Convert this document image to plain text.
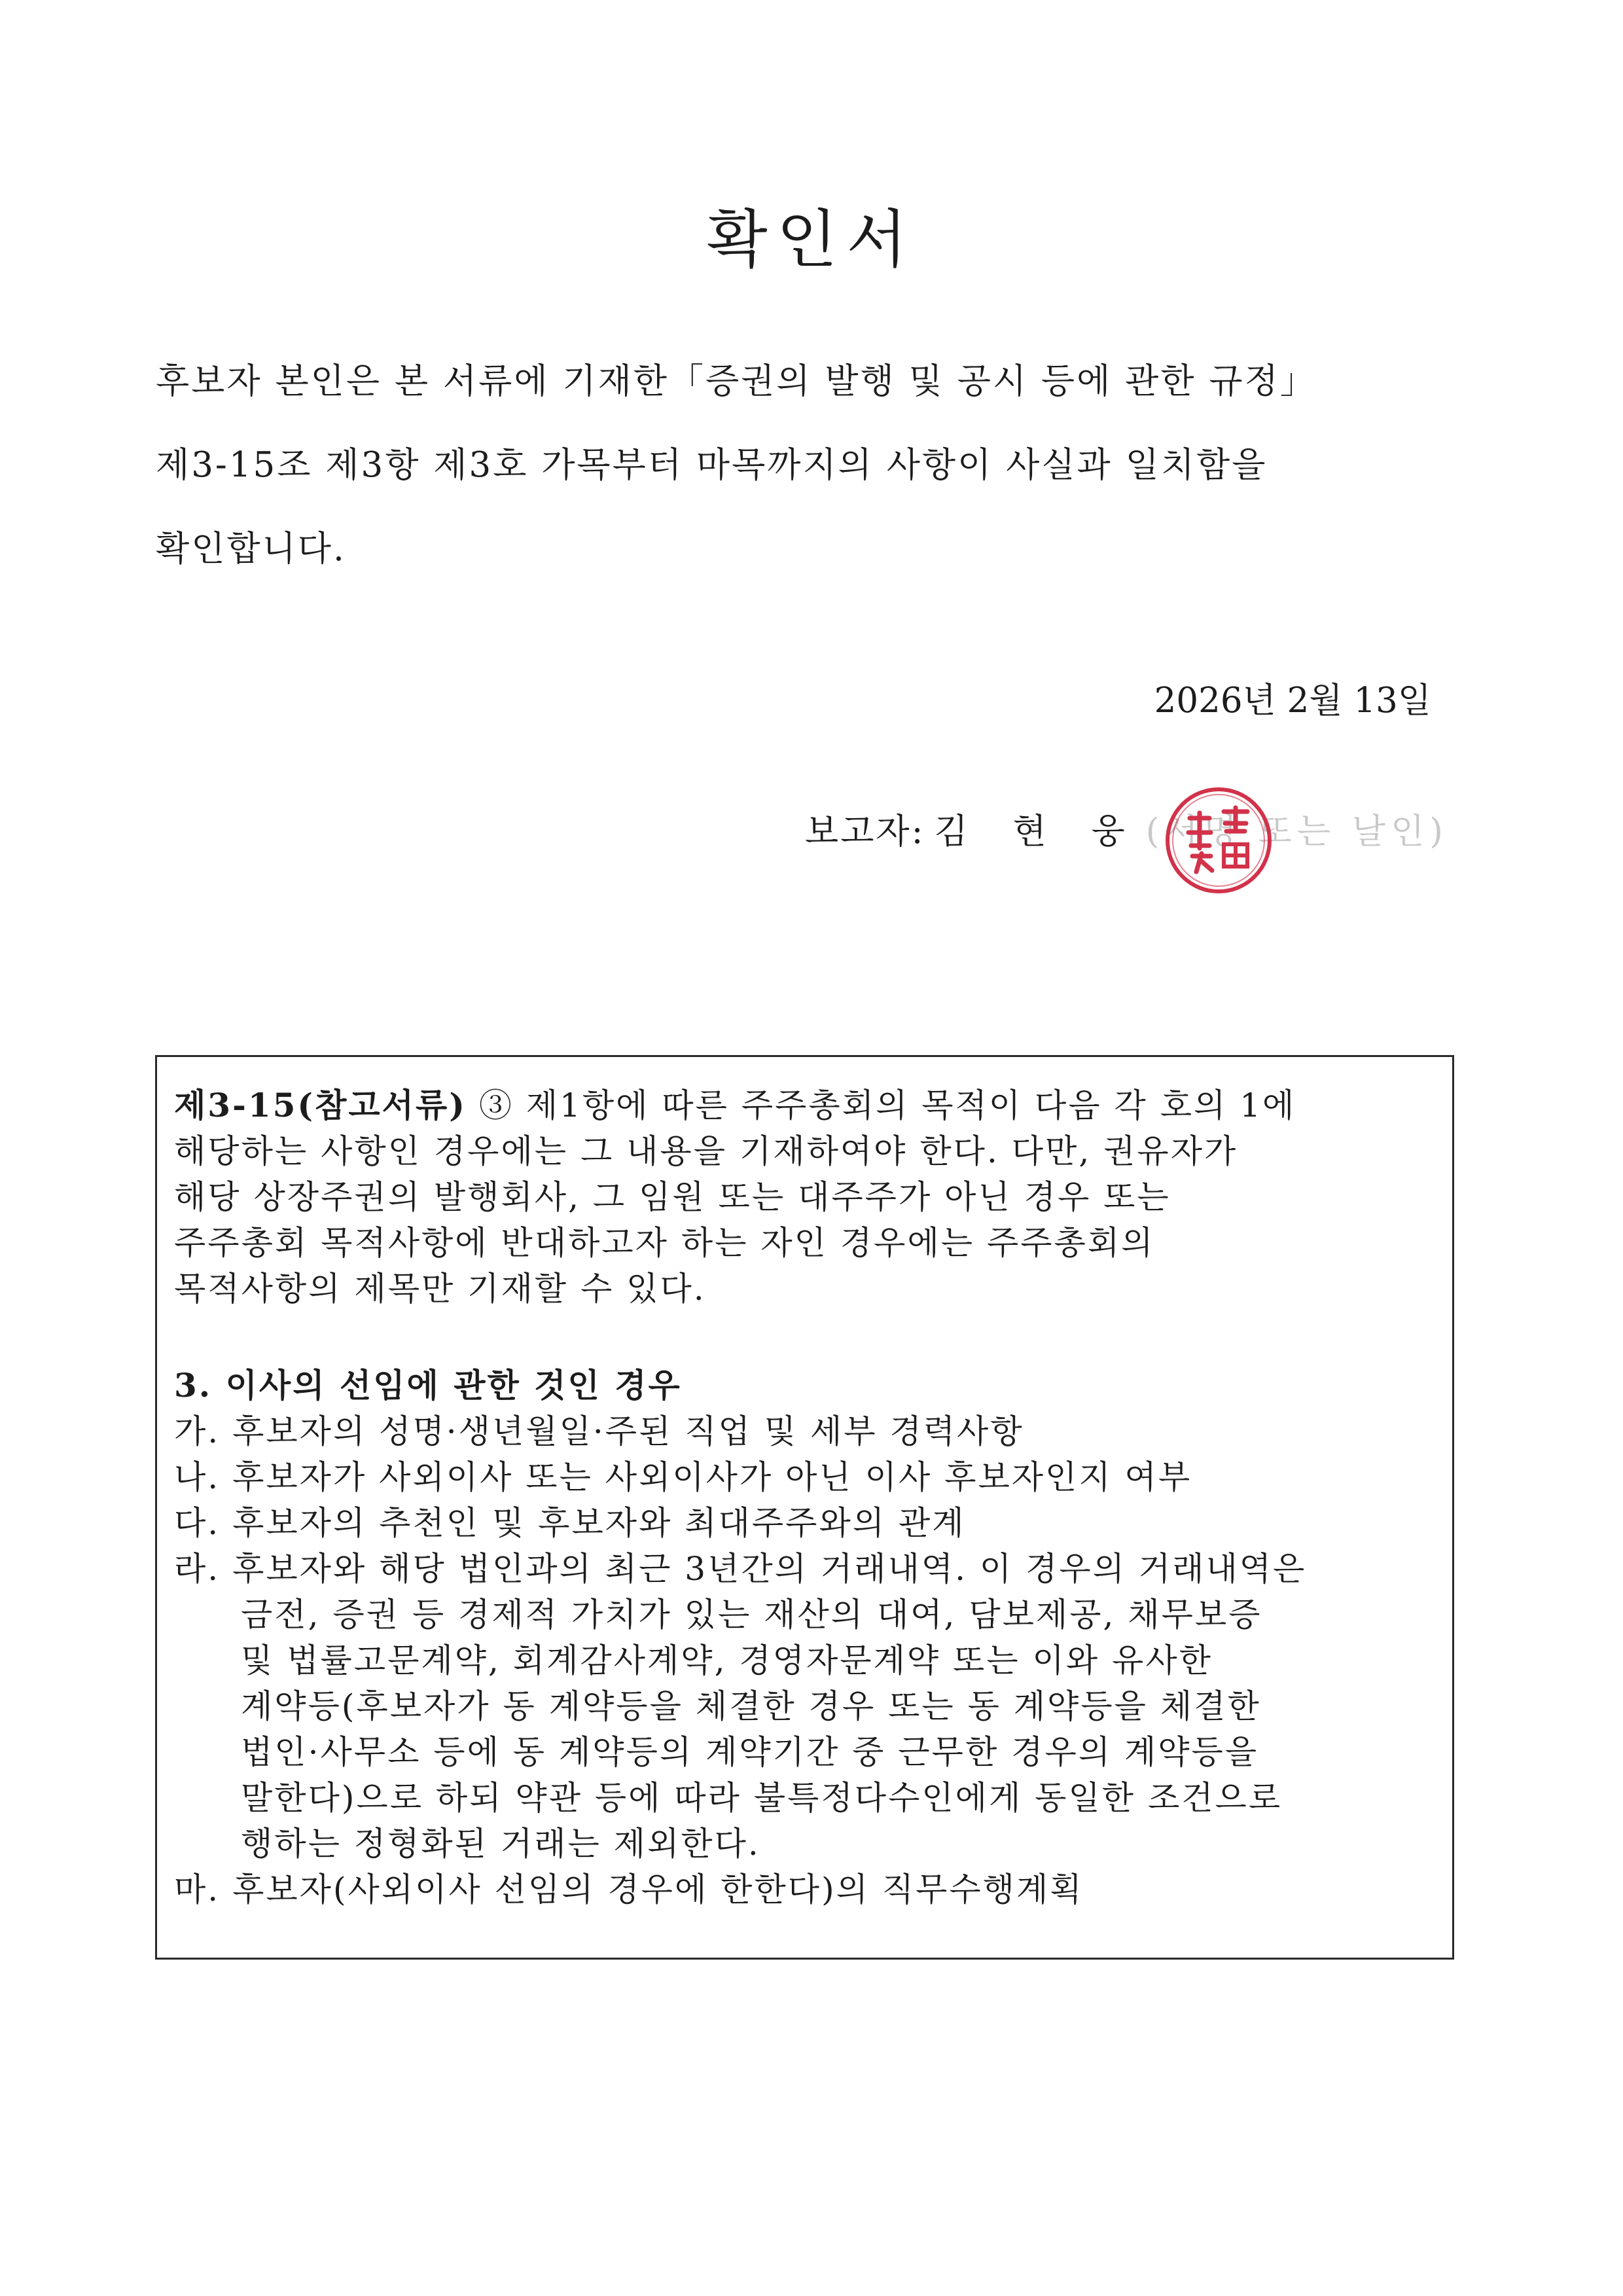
확인서
후보자 본인은 본 서류에 기재한「증권의 발행 및 공시 등에 관한 규정」
제3-15조 제3항 제3호 가목부터 마목까지의 사항이 사실과 일치함을
확인합니다.
2026년 2월 13일
보고자: 김 현 웅 (서명 또는 날인)
제3-15(참고서류) ③ 제1항에 따른 주주총회의 목적이 다음 각 호의 1에
해당하는 사항인 경우에는 그 내용을 기재하여야 한다. 다만, 권유자가
해당 상장주권의 발행회사, 그 임원 또는 대주주가 아닌 경우 또는
주주총회 목적사항에 반대하고자 하는 자인 경우에는 주주총회의
목적사항의 제목만 기재할 수 있다.
3. 이사의 선임에 관한 것인 경우
가. 후보자의 성명·생년월일·주된 직업 및 세부 경력사항
나. 후보자가 사외이사 또는 사외이사가 아닌 이사 후보자인지 여부
다. 후보자의 추천인 및 후보자와 최대주주와의 관계
라. 후보자와 해당 법인과의 최근 3년간의 거래내역. 이 경우의 거래내역은
금전, 증권 등 경제적 가치가 있는 재산의 대여, 담보제공, 채무보증
및 법률고문계약, 회계감사계약, 경영자문계약 또는 이와 유사한
계약등(후보자가 동 계약등을 체결한 경우 또는 동 계약등을 체결한
법인·사무소 등에 동 계약등의 계약기간 중 근무한 경우의 계약등을
말한다)으로 하되 약관 등에 따라 불특정다수인에게 동일한 조건으로
행하는 정형화된 거래는 제외한다.
마. 후보자(사외이사 선임의 경우에 한한다)의 직무수행계획
